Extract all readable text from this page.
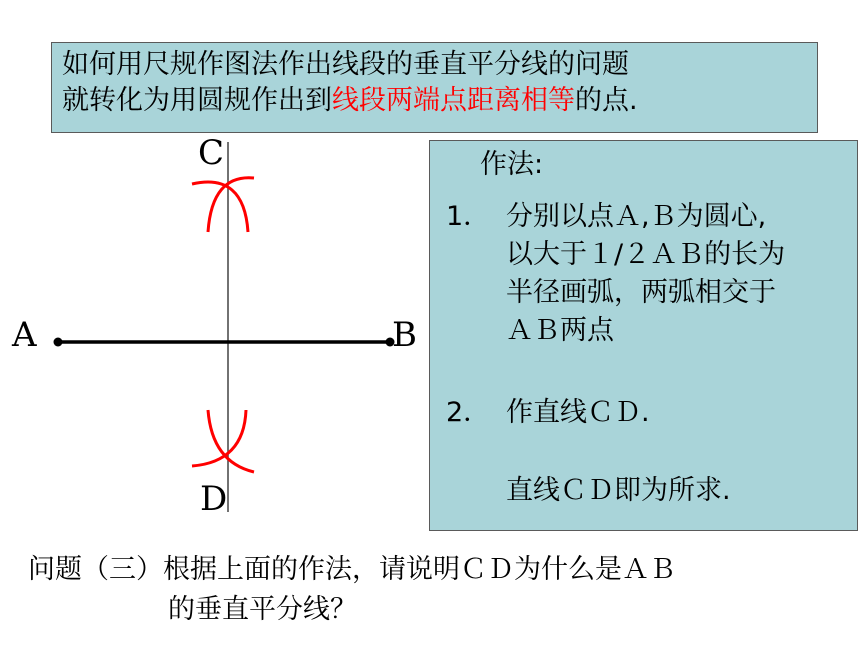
如何用尺规作图法作出线段的垂直平分线的问题
就转化为用圆规作出到线段两端点距离相等的点.
A	B
C
D
作法:
1． 分别以点Ａ,Ｂ为圆心,
以大于１/２ＡＢ的长为
半径画弧，两弧相交于
ＡＢ两点
2． 作直线ＣＤ.
直线ＣＤ即为所求.
问题（三）根据上面的作法，请说明ＣＤ为什么是ＡＢ
的垂直平分线？
